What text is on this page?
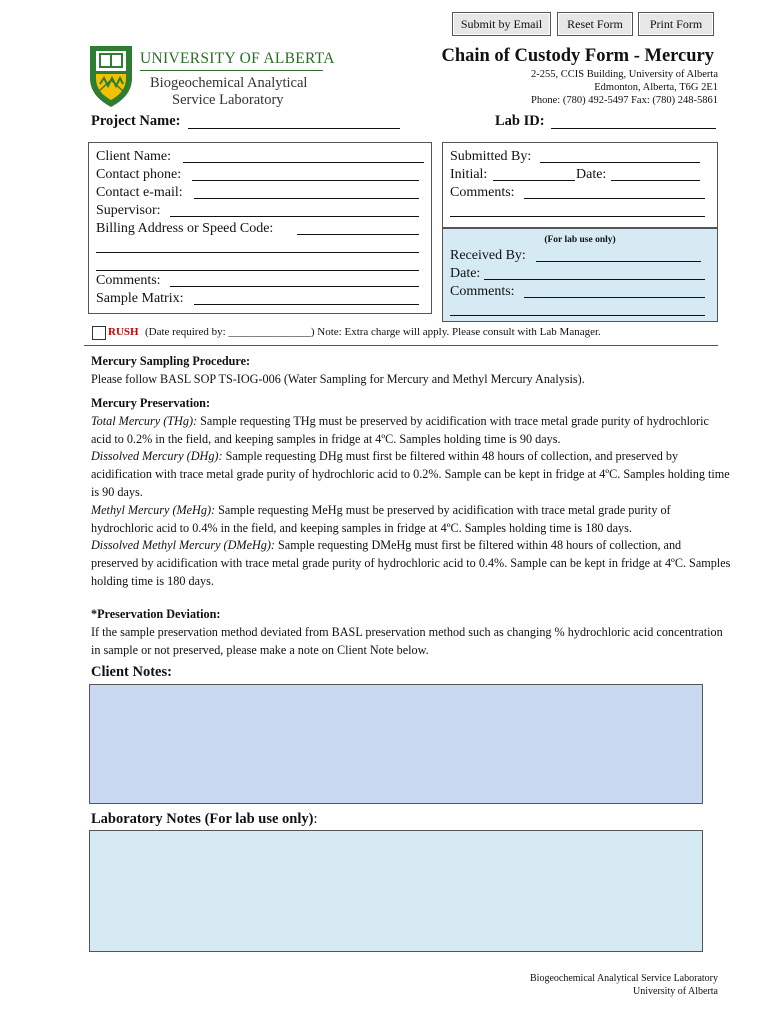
Submit by Email	Reset Form	Print Form
UNIVERSITY OF ALBERTA
Biogeochemical Analytical
Service Laboratory
Chain of Custody Form - Mercury
2-255, CCIS Building, University of Alberta
Edmonton, Alberta, T6G 2E1
Phone: (780) 492-5497 Fax: (780) 248-5861
Project Name:	Lab ID:
Client Name:
Contact phone:
Contact e-mail:
Supervisor:
Billing Address or Speed Code:
Comments:
Sample Matrix:
Submitted By:
Initial:	Date:
Comments:
(For lab use only)
Received By:
Date:
Comments:
RUSH (Date required by: _______________) Note: Extra charge will apply. Please consult with Lab Manager.

Mercury Sampling Procedure:

Please follow BASL SOP TS-IOG-006 (Water Sampling for Mercury and Methyl Mercury Analysis).

Mercury Preservation:

Total Mercury (THg): Sample requesting THg must be preserved by acidification with trace metal grade purity of hydrochloric acid to 0.2% in the field, and keeping samples in fridge at 4ºC. Samples holding time is 90 days.

Dissolved Mercury (DHg): Sample requesting DHg must first be filtered within 48 hours of collection, and preserved by acidification with trace metal grade purity of hydrochloric acid to 0.2%. Sample can be kept in fridge at 4ºC. Samples holding time is 90 days.

Methyl Mercury (MeHg): Sample requesting MeHg must be preserved by acidification with trace metal grade purity of hydrochloric acid to 0.4% in the field, and keeping samples in fridge at 4ºC. Samples holding time is 180 days.

Dissolved Methyl Mercury (DMeHg): Sample requesting DMeHg must first be filtered within 48 hours of collection, and preserved by acidification with trace metal grade purity of hydrochloric acid to 0.4%. Sample can be kept in fridge at 4ºC. Samples holding time is 180 days.

*Preservation Deviation:

If the sample preservation method deviated from BASL preservation method such as changing % hydrochloric acid concentration in sample or not preserved, please make a note on Client Note below.

Client Notes:
Laboratory Notes (For lab use only):
Biogeochemical Analytical Service Laboratory
University of Alberta
